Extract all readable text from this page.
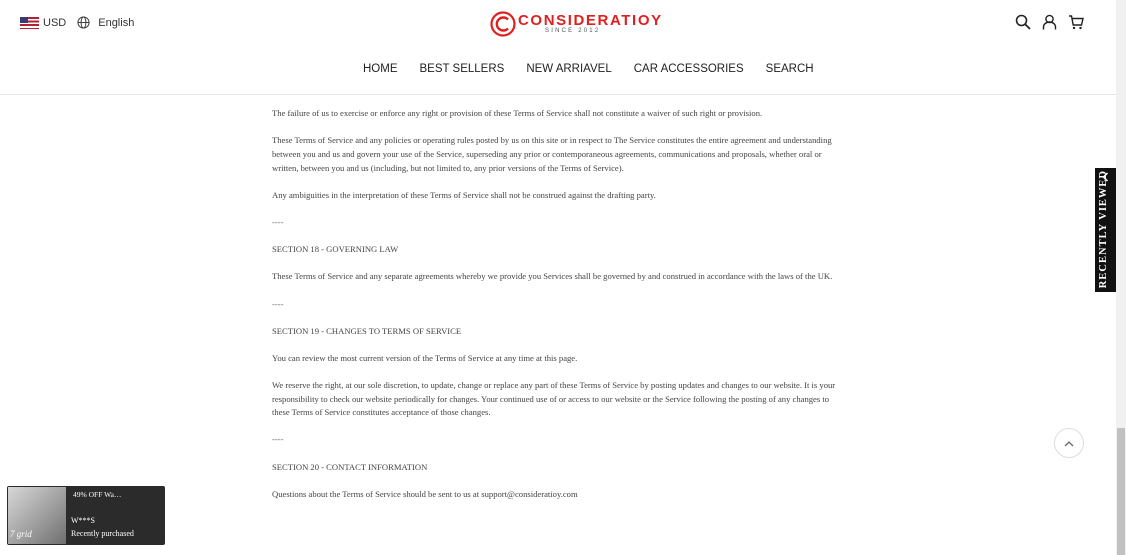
The failure of us to exercise or enforce any right or provision of these Terms of Service shall not constitute a waiver of such right or provision.

These Terms of Service and any policies or operating rules posted by us on this site or in respect to The Service constitutes the entire agreement and understanding between you and us and govern your use of the Service, superseding any prior or contemporaneous agreements, communications and proposals, whether oral or written, between you and us (including, but not limited to, any prior versions of the Terms of Service).

Any ambiguities in the interpretation of these Terms of Service shall not be construed against the drafting party.

----

SECTION 18 - GOVERNING LAW

These Terms of Service and any separate agreements whereby we provide you Services shall be governed by and construed in accordance with the laws of the UK.

----

SECTION 19 - CHANGES TO TERMS OF SERVICE

You can review the most current version of the Terms of Service at any time at this page.

We reserve the right, at our sole discretion, to update, change or replace any part of these Terms of Service by posting updates and changes to our website. It is your responsibility to check our website periodically for changes. Your continued use of or access to our website or the Service following the posting of any changes to these Terms of Service constitutes acceptance of those changes.

----

SECTION 20 - CONTACT INFORMATION

Questions about the Terms of Service should be sent to us at support@consideratioy.com

USD	English	CONSIDERATIOY
SINCE 2012
HOME BEST SELLERS NEW ARRIAVEL CAR ACCESSORIES SEARCH
RECENTLY VIEWED
7 grid
49% OFF Wa…
W***S
Recently purchased
